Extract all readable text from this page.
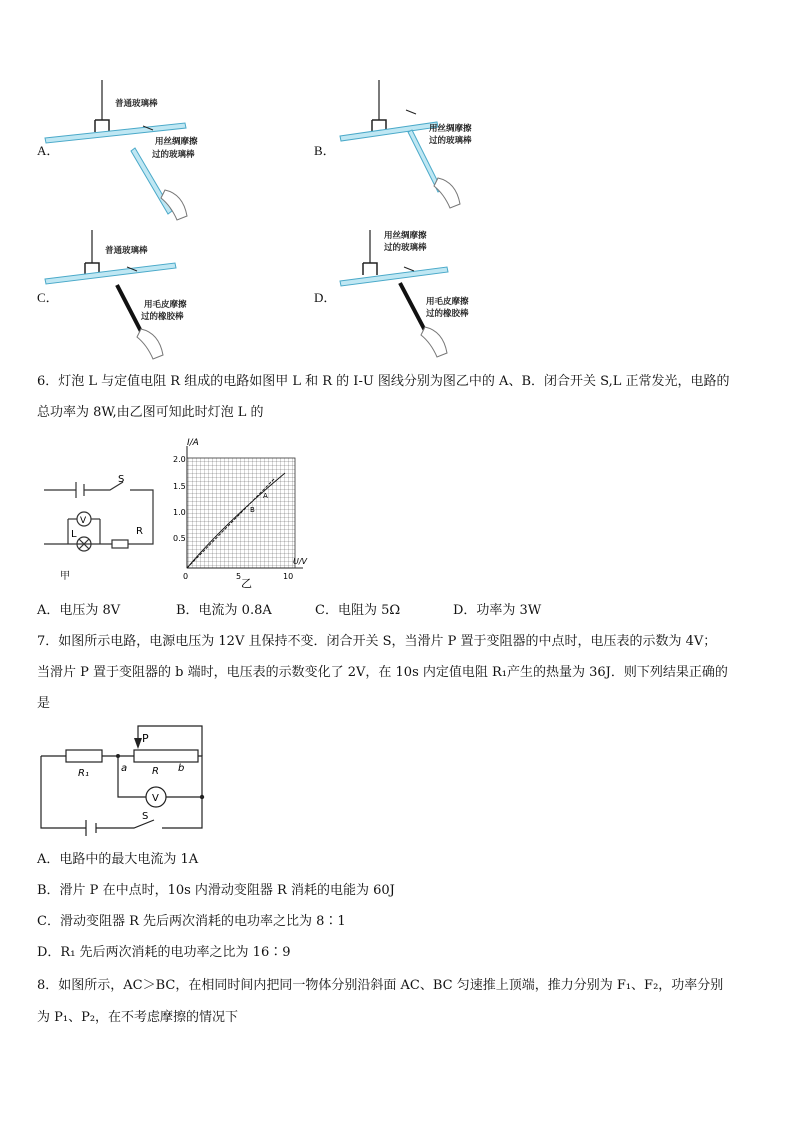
A．
普通玻璃棒
用丝绸摩擦
过的玻璃棒	B．
用丝绸摩擦
过的玻璃棒
C．
普通玻璃棒
用毛皮摩擦
过的橡胶棒
D．
用丝绸摩擦
过的玻璃棒
用毛皮摩擦
过的橡胶棒
6．灯泡 L 与定值电阻 R 组成的电路如图甲 L 和 R 的 I-U 图线分别为图乙中的 A、B．闭合开关 S,L 正常发光，电路的
总功率为 8W,由乙图可知此时灯泡 L 的
S
V
L	R
甲
I/A
U/V
2.0
1.5
1.0
0.5
0	5	10
乙
A
B
A．电压为 8V	B．电流为 0.8A	C．电阻为 5Ω	D．功率为 3W
7．如图所示电路，电源电压为 12V 且保持不变．闭合开关 S，当滑片 P 置于变阻器的中点时，电压表的示数为 4V；
当滑片 P 置于变阻器的 b 端时，电压表的示数变化了 2V，在 10s 内定值电阻 R₁产生的热量为 36J．则下列结果正确的
是
P
R₁	a R b
V
S
A．电路中的最大电流为 1A
B．滑片 P 在中点时，10s 内滑动变阻器 R 消耗的电能为 60J
C．滑动变阻器 R 先后两次消耗的电功率之比为 8∶1
D．R₁ 先后两次消耗的电功率之比为 16∶9
8．如图所示，AC＞BC，在相同时间内把同一物体分别沿斜面 AC、BC 匀速推上顶端，推力分别为 F₁、F₂，功率分别
为 P₁、P₂，在不考虑摩擦的情况下
